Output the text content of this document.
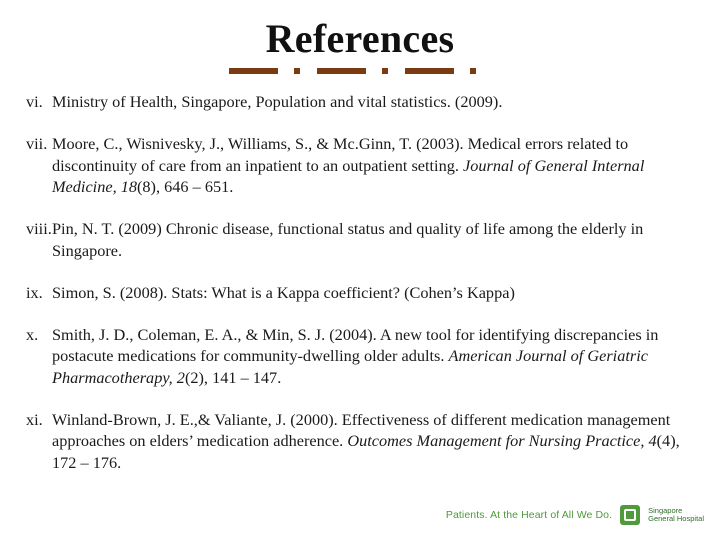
References
vi. Ministry of Health, Singapore, Population and vital statistics. (2009).
vii. Moore, C., Wisnivesky, J., Williams, S., & Mc.Ginn, T. (2003). Medical errors related to discontinuity of care from an inpatient to an outpatient setting. Journal of General Internal Medicine, 18(8), 646 – 651.
viii. Pin, N. T. (2009) Chronic disease, functional status and quality of life among the elderly in Singapore.
ix. Simon, S. (2008). Stats: What is a Kappa coefficient? (Cohen’s Kappa)
x. Smith, J. D., Coleman, E. A., & Min, S. J. (2004). A new tool for identifying discrepancies in postacute medications for community-dwelling older adults. American Journal of Geriatric Pharmacotherapy, 2(2), 141 – 147.
xi. Winland-Brown, J. E.,& Valiante, J. (2000). Effectiveness of different medication management approaches on elders’ medication adherence. Outcomes Management for Nursing Practice, 4(4), 172 – 176.
Patients. At the Heart of All We Do.	Singapore
General Hospital
